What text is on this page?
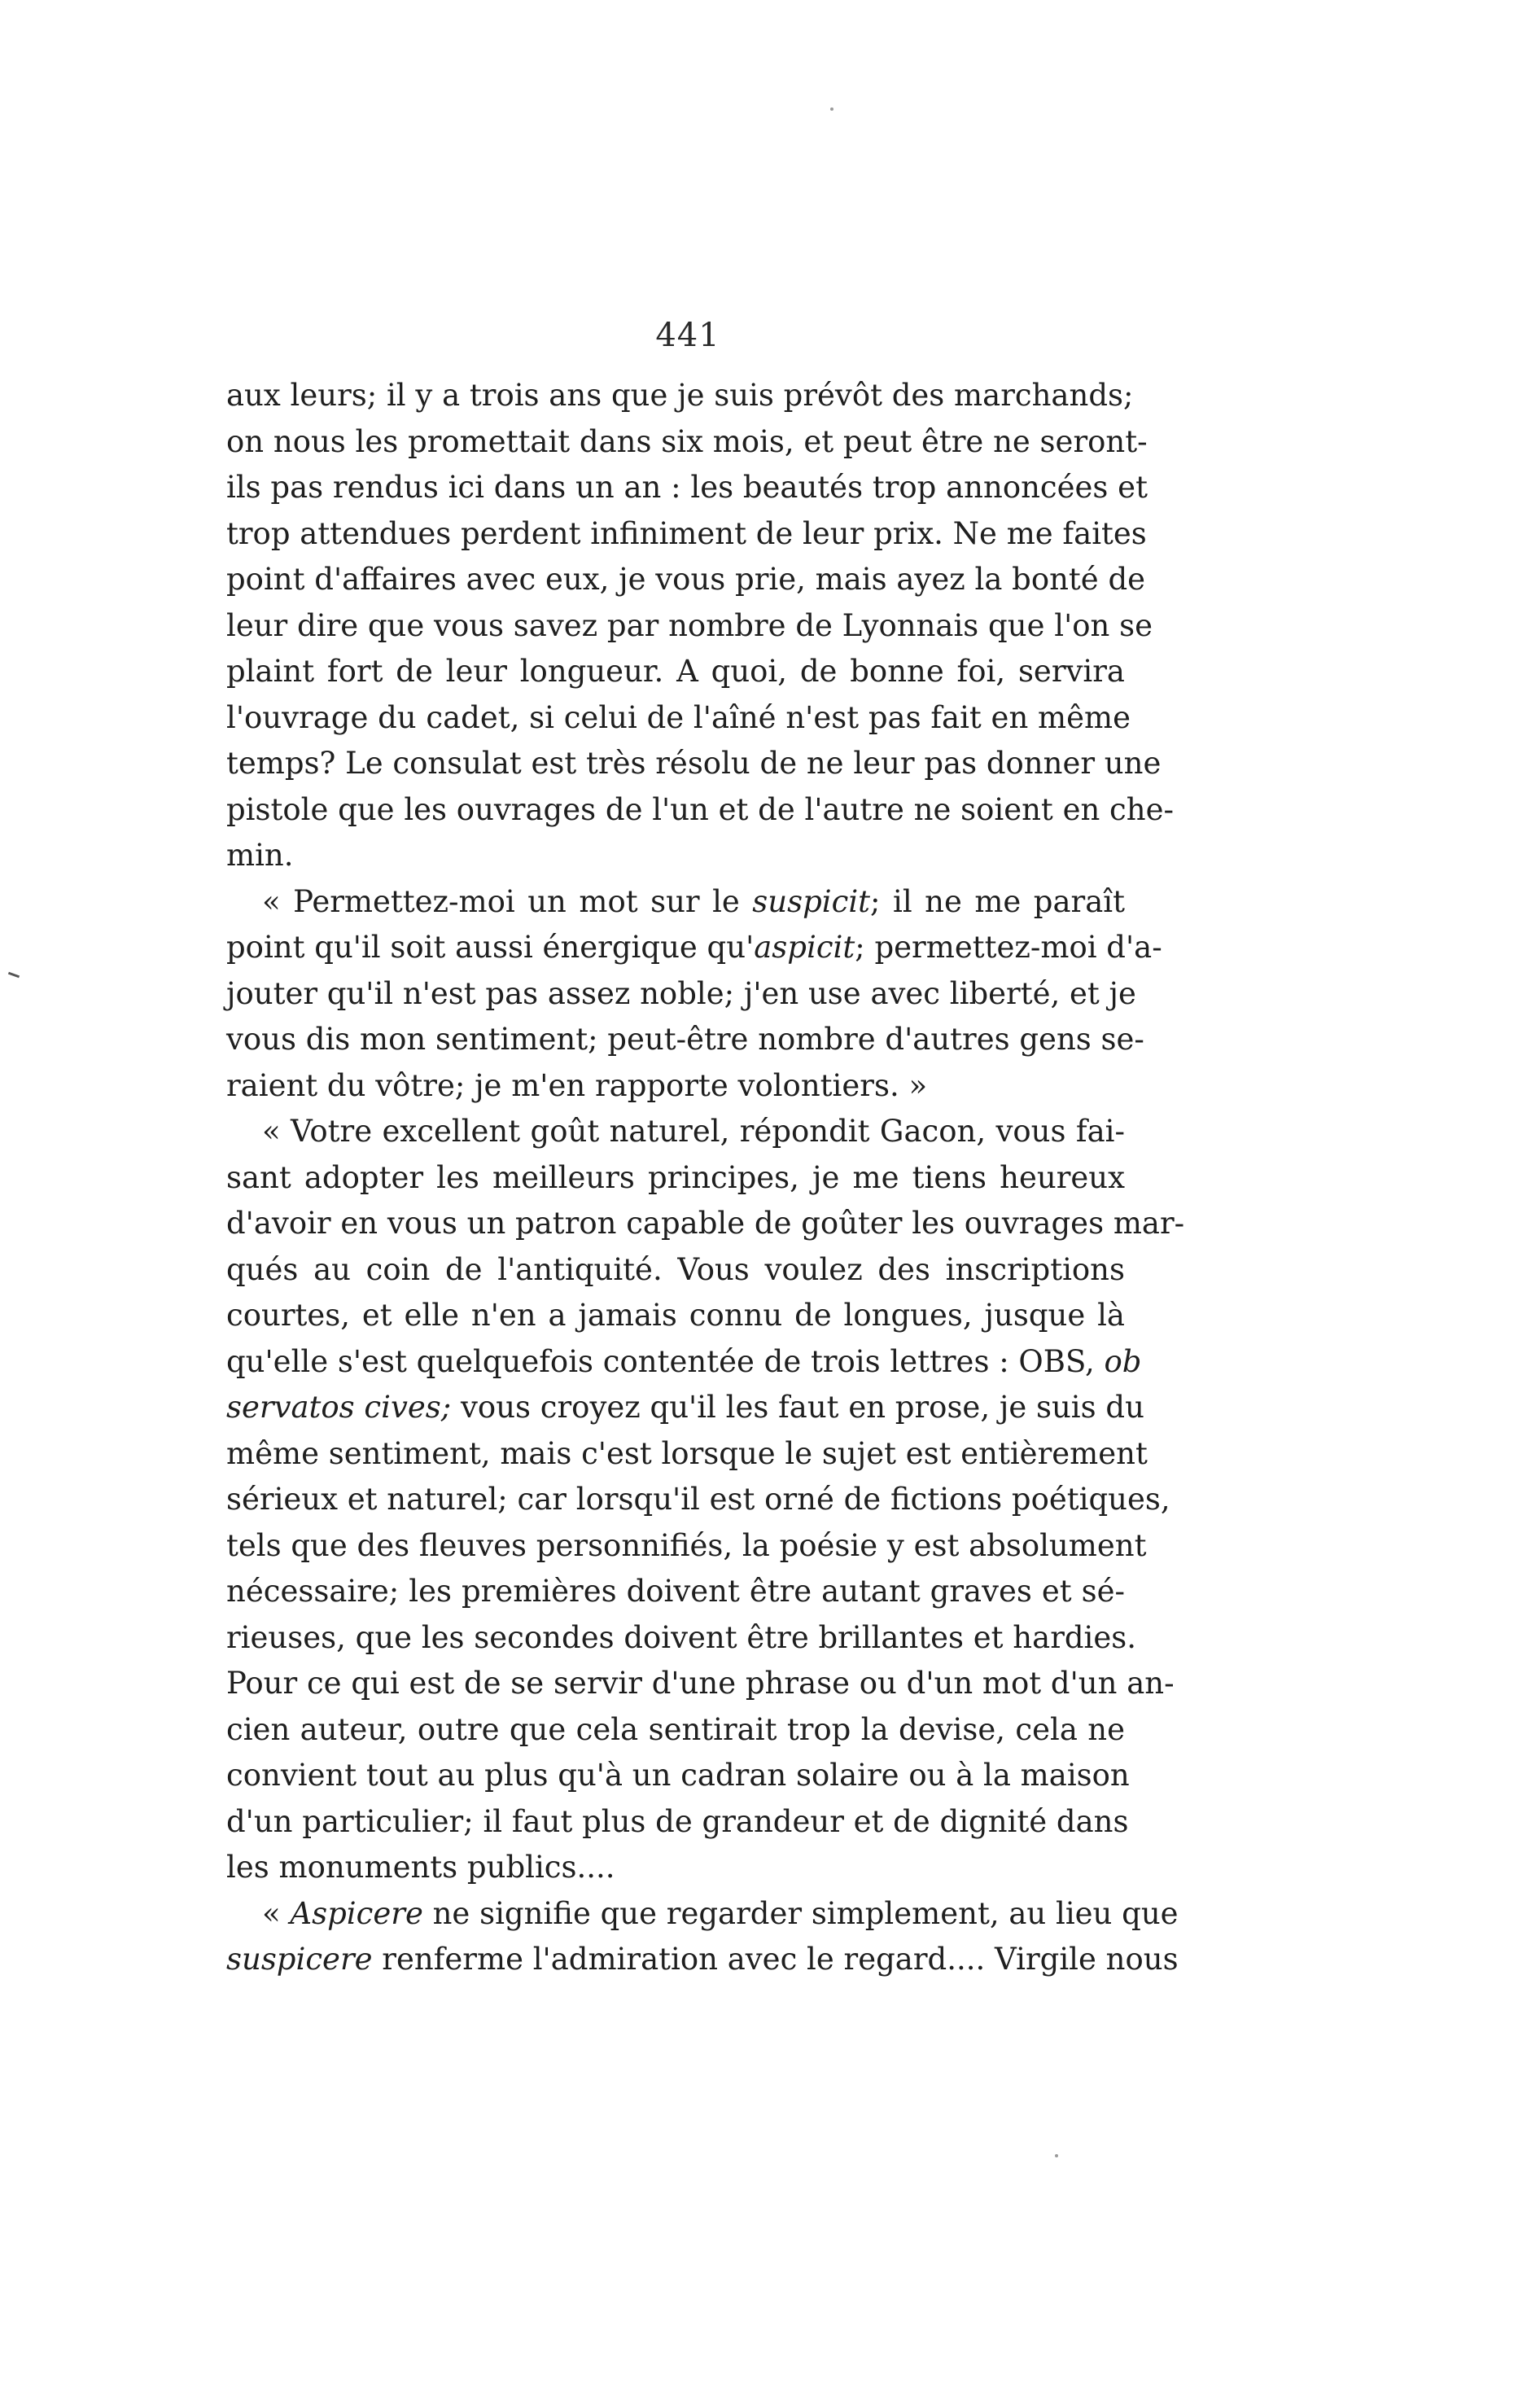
441
aux leurs; il y a trois ans que je suis prévôt des marchands;
on nous les promettait dans six mois, et peut être ne seront-
ils pas rendus ici dans un an : les beautés trop annoncées et
trop attendues perdent infiniment de leur prix. Ne me faites
point d'affaires avec eux, je vous prie, mais ayez la bonté de
leur dire que vous savez par nombre de Lyonnais que l'on se
plaint fort de leur longueur. A quoi, de bonne foi, servira
l'ouvrage du cadet, si celui de l'aîné n'est pas fait en même
temps? Le consulat est très résolu de ne leur pas donner une
pistole que les ouvrages de l'un et de l'autre ne soient en che-
min.
« Permettez-moi un mot sur le suspicit; il ne me paraît
point qu'il soit aussi énergique qu'aspicit; permettez-moi d'a-
jouter qu'il n'est pas assez noble; j'en use avec liberté, et je
vous dis mon sentiment; peut-être nombre d'autres gens se-
raient du vôtre; je m'en rapporte volontiers. »
« Votre excellent goût naturel, répondit Gacon, vous fai-
sant adopter les meilleurs principes, je me tiens heureux
d'avoir en vous un patron capable de goûter les ouvrages mar-
qués au coin de l'antiquité. Vous voulez des inscriptions
courtes, et elle n'en a jamais connu de longues, jusque là
qu'elle s'est quelquefois contentée de trois lettres : OBS, ob
servatos cives; vous croyez qu'il les faut en prose, je suis du
même sentiment, mais c'est lorsque le sujet est entièrement
sérieux et naturel; car lorsqu'il est orné de fictions poétiques,
tels que des fleuves personnifiés, la poésie y est absolument
nécessaire; les premières doivent être autant graves et sé-
rieuses, que les secondes doivent être brillantes et hardies.
Pour ce qui est de se servir d'une phrase ou d'un mot d'un an-
cien auteur, outre que cela sentirait trop la devise, cela ne
convient tout au plus qu'à un cadran solaire ou à la maison
d'un particulier; il faut plus de grandeur et de dignité dans
les monuments publics....
« Aspicere ne signifie que regarder simplement, au lieu que
suspicere renferme l'admiration avec le regard.... Virgile nous
